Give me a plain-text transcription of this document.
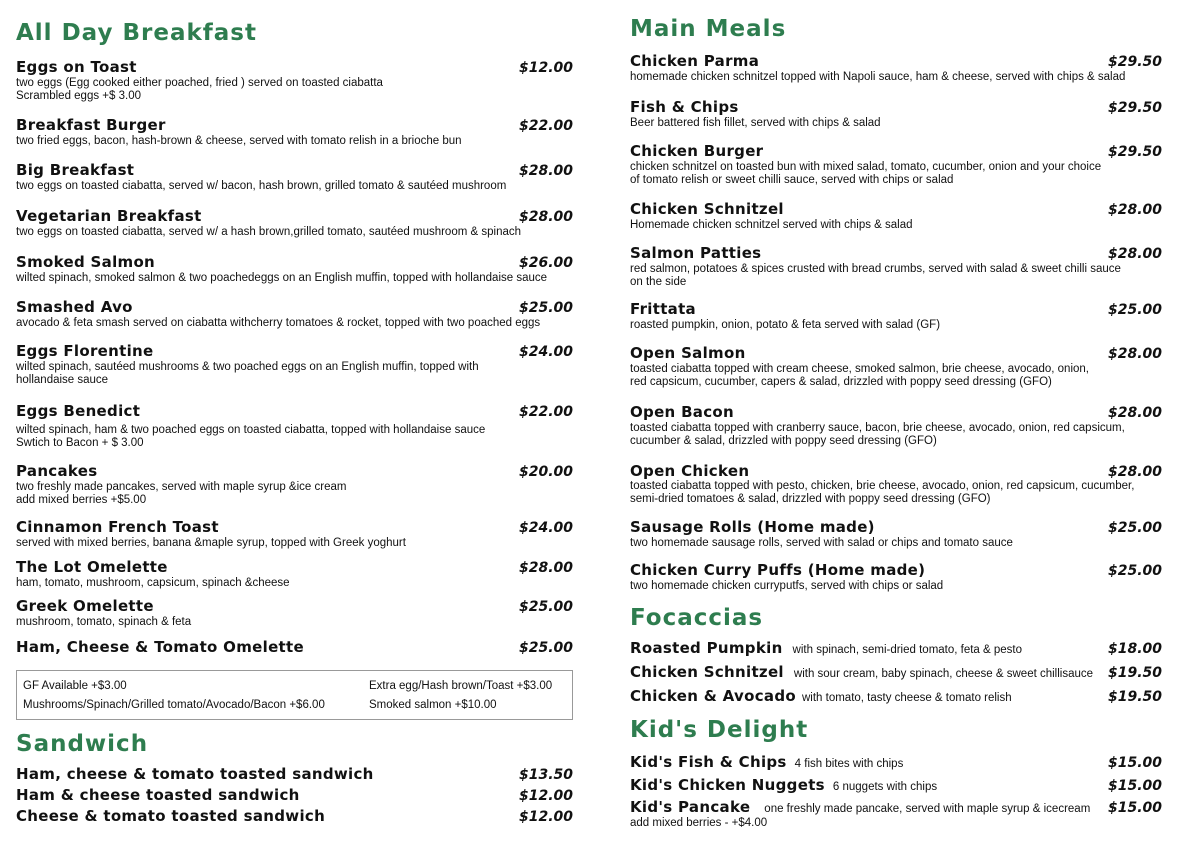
All Day Breakfast
Eggs on Toast	$12.00
two eggs (Egg cooked either poached, fried ) served on toasted ciabatta
Scrambled eggs +$ 3.00
Breakfast Burger	$22.00
two fried eggs, bacon, hash-brown & cheese, served with tomato relish in a brioche bun
Big Breakfast	$28.00
two eggs on toasted ciabatta, served w/ bacon, hash brown, grilled tomato & sautéed mushroom
Vegetarian Breakfast	$28.00
two eggs on toasted ciabatta, served w/ a hash brown,grilled tomato, sautéed mushroom & spinach
Smoked Salmon	$26.00
wilted spinach, smoked salmon & two poachedeggs on an English muffin, topped with hollandaise sauce
Smashed Avo	$25.00
avocado & feta smash served on ciabatta withcherry tomatoes & rocket, topped with two poached eggs
Eggs Florentine	$24.00
wilted spinach, sautéed mushrooms & two poached eggs on an English muffin, topped with
hollandaise sauce
Eggs Benedict	$22.00
wilted spinach, ham & two poached eggs on toasted ciabatta, topped with hollandaise sauce
Swtich to Bacon + $ 3.00
Pancakes	$20.00
two freshly made pancakes, served with maple syrup &ice cream
add mixed berries +$5.00
Cinnamon French Toast	$24.00
served with mixed berries, banana &maple syrup, topped with Greek yoghurt
The Lot Omelette	$28.00
ham, tomato, mushroom, capsicum, spinach &cheese
Greek Omelette	$25.00
mushroom, tomato, spinach & feta
Ham, Cheese & Tomato Omelette	$25.00
GF Available +$3.00	Extra egg/Hash brown/Toast +$3.00
Mushrooms/Spinach/Grilled tomato/Avocado/Bacon +$6.00	Smoked salmon +$10.00
Sandwich
Ham, cheese & tomato toasted sandwich	$13.50
Ham & cheese toasted sandwich	$12.00
Cheese & tomato toasted sandwich	$12.00
Main Meals
Chicken Parma	$29.50
homemade chicken schnitzel topped with Napoli sauce, ham & cheese, served with chips & salad
Fish & Chips	$29.50
Beer battered fish fillet, served with chips & salad
Chicken Burger	$29.50
chicken schnitzel on toasted bun with mixed salad, tomato, cucumber, onion and your choice
of tomato relish or sweet chilli sauce, served with chips or salad
Chicken Schnitzel	$28.00
Homemade chicken schnitzel served with chips & salad
Salmon Patties	$28.00
red salmon, potatoes & spices crusted with bread crumbs, served with salad & sweet chilli sauce
on the side
Frittata	$25.00
roasted pumpkin, onion, potato & feta served with salad (GF)
Open Salmon	$28.00
toasted ciabatta topped with cream cheese, smoked salmon, brie cheese, avocado, onion,
red capsicum, cucumber, capers & salad, drizzled with poppy seed dressing (GFO)
Open Bacon	$28.00
toasted ciabatta topped with cranberry sauce, bacon, brie cheese, avocado, onion, red capsicum,
cucumber & salad, drizzled with poppy seed dressing (GFO)
Open Chicken	$28.00
toasted ciabatta topped with pesto, chicken, brie cheese, avocado, onion, red capsicum, cucumber,
semi-dried tomatoes & salad, drizzled with poppy seed dressing (GFO)
Sausage Rolls (Home made)	$25.00
two homemade sausage rolls, served with salad or chips and tomato sauce
Chicken Curry Puffs (Home made)	$25.00
two homemade chicken curryputfs, served with chips or salad
Focaccias
Roasted Pumpkin with spinach, semi-dried tomato, feta & pesto	$18.00
Chicken Schnitzel with sour cream, baby spinach, cheese & sweet chillisauce $19.50
Chicken & Avocado with tomato, tasty cheese & tomato relish	$19.50
Kid's Delight
Kid's Fish & Chips 4 fish bites with chips	$15.00
Kid's Chicken Nuggets 6 nuggets with chips	$15.00
Kid's Pancake one freshly made pancake, served with maple syrup & icecream $15.00
add mixed berries - +$4.00
